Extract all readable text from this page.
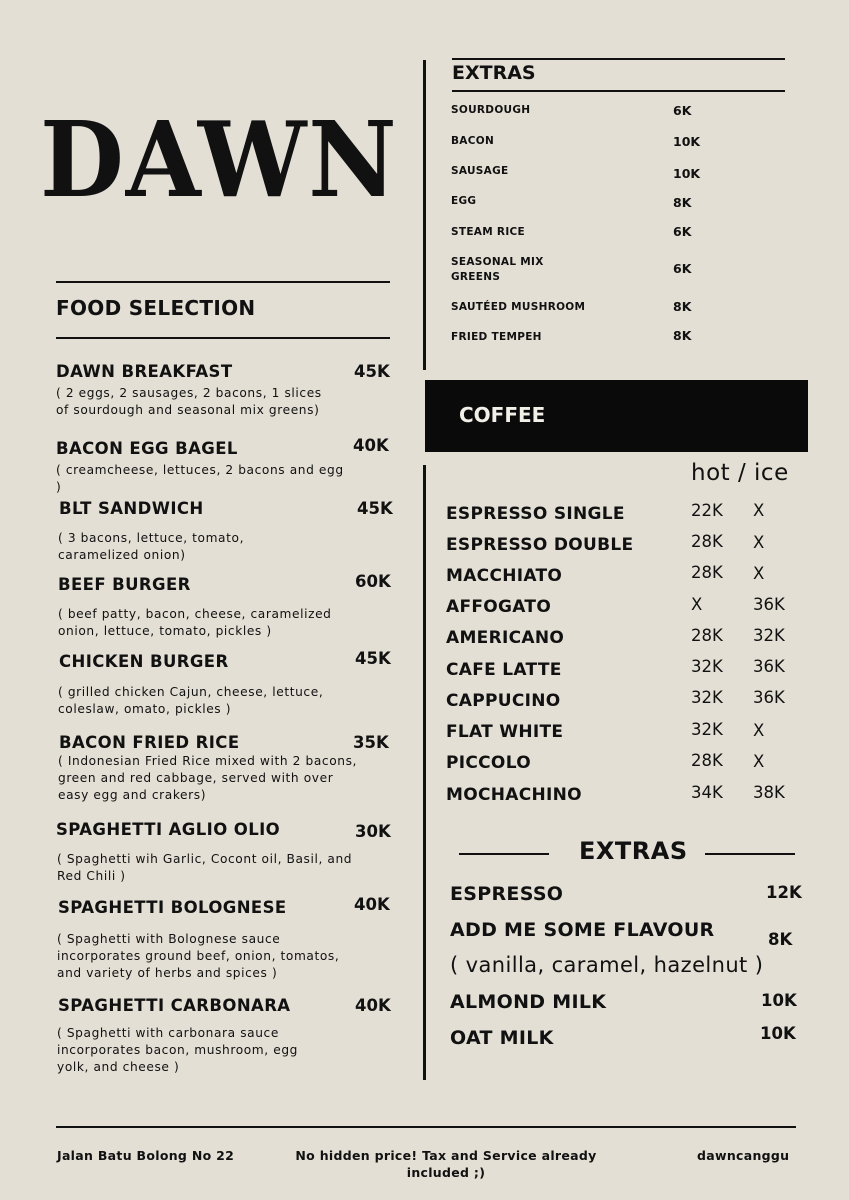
DAWN
FOOD SELECTION
DAWN BREAKFAST	45K
( 2 eggs, 2 sausages, 2 bacons, 1 slices of sourdough and seasonal mix greens)
BACON EGG BAGEL	40K
( creamcheese, lettuces, 2 bacons and egg )
BLT SANDWICH	45K
( 3 bacons, lettuce, tomato, caramelized onion)
BEEF BURGER	60K
( beef patty, bacon, cheese, caramelized onion, lettuce, tomato, pickles )
CHICKEN BURGER	45K
( grilled chicken Cajun, cheese, lettuce, coleslaw, omato, pickles )
BACON FRIED RICE	35K
( Indonesian Fried Rice mixed with 2 bacons, green and red cabbage, served with over easy egg and crakers)
SPAGHETTI AGLIO OLIO	30K
( Spaghetti wih Garlic, Cocont oil, Basil, and Red Chili )
SPAGHETTI BOLOGNESE	40K
( Spaghetti with Bolognese sauce incorporates ground beef, onion, tomatos, and variety of herbs and spices )
SPAGHETTI CARBONARA	40K
( Spaghetti with carbonara sauce incorporates bacon, mushroom, egg yolk, and cheese )
EXTRAS
SOURDOUGH	6K
BACON	10K
SAUSAGE	10K
EGG	8K
STEAM RICE	6K
SEASONAL MIX GREENS
6K
SAUTÉED MUSHROOM	8K
FRIED TEMPEH	8K
COFFEE
hot / ice
ESPRESSO SINGLE	22K X
ESPRESSO DOUBLE	28K X
MACCHIATO	28K X
AFFOGATO	X	36K
AMERICANO	28K 32K
CAFE LATTE	32K 36K
CAPPUCINO	32K 36K
FLAT WHITE	32K X
PICCOLO	28K X
MOCHACHINO	34K 38K
EXTRAS
ESPRESSO	12K
ADD ME SOME FLAVOUR	8K
( vanilla, caramel, hazelnut )
ALMOND MILK	10K
OAT MILK	10K
Jalan Batu Bolong No 22	No hidden price! Tax and Service already included ;)
dawncanggu
